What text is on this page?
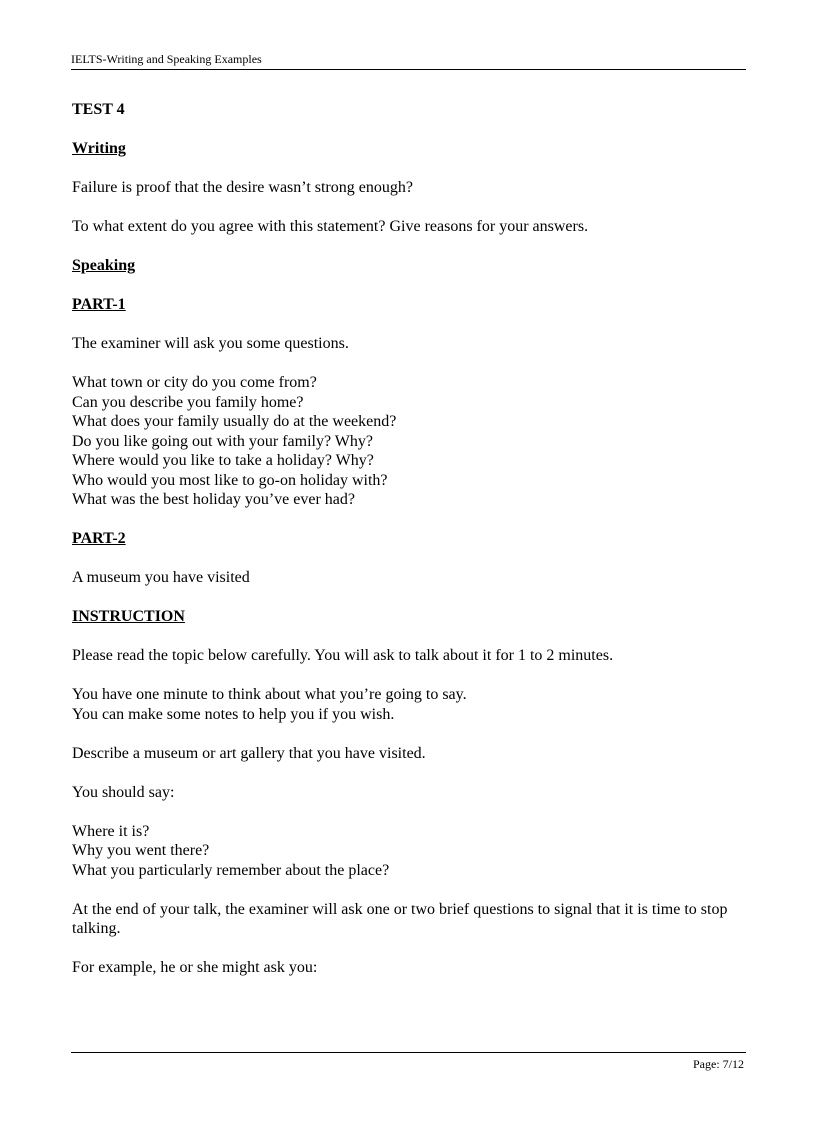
IELTS-Writing and Speaking Examples

TEST 4

Writing

Failure is proof that the desire wasn’t strong enough?

To what extent do you agree with this statement? Give reasons for your answers.

Speaking

PART-1

The examiner will ask you some questions.

What town or city do you come from?

Can you describe you family home?

What does your family usually do at the weekend?

Do you like going out with your family? Why?

Where would you like to take a holiday? Why?

Who would you most like to go-on holiday with?

What was the best holiday you’ve ever had?

PART-2

A museum you have visited

INSTRUCTION

Please read the topic below carefully. You will ask to talk about it for 1 to 2 minutes.

You have one minute to think about what you’re going to say.

You can make some notes to help you if you wish.

Describe a museum or art gallery that you have visited.

You should say:

Where it is?

Why you went there?

What you particularly remember about the place?

At the end of your talk, the examiner will ask one or two brief questions to signal that it is time to stop talking.

For example, he or she might ask you:

Page: 7/12
